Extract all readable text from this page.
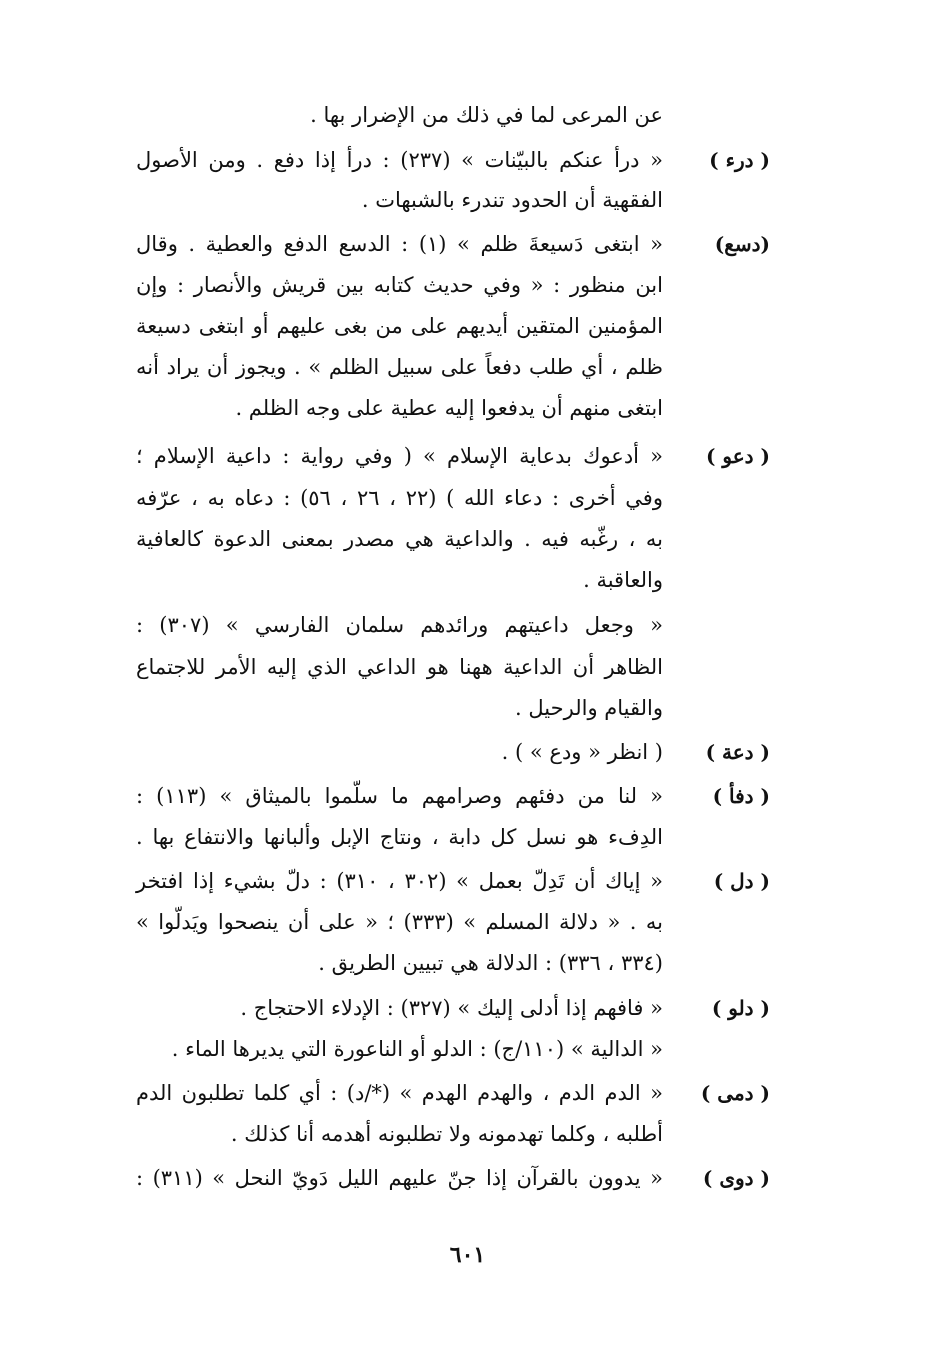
عن المرعى لما في ذلك من الإضرار بها .
( درء )
« درأ عنكم بالبيّنات » (٢٣٧) : درأ إذا دفع . ومن الأصول
الفقهية أن الحدود تندرء بالشبهات .
(دسع)
« ابتغى دَسيعةَ ظلم » (١) : الدسع الدفع والعطية . وقال
ابن منظور : « وفي حديث كتابه بين قريش والأنصار : وإن
المؤمنين المتقين أيديهم على من بغى عليهم أو ابتغى دسيعة
ظلم ، أي طلب دفعاً على سبيل الظلم » . ويجوز أن يراد أنه
ابتغى منهم أن يدفعوا إليه عطية على وجه الظلم .
( دعو )
« أدعوك بدعاية الإسلام » ( وفي رواية : داعية الإسلام ؛
وفي أخرى : دعاء الله ) (٢٢ ، ٢٦ ، ٥٦) : دعاه به ، عرّفه
به ، رغّبه فيه . والداعية هي مصدر بمعنى الدعوة كالعافية
والعاقبة .
« وجعل داعيتهم ورائدهم سلمان الفارسي » (٣٠٧) :
الظاهر أن الداعية ههنا هو الداعي الذي إليه الأمر للاجتماع
والقيام والرحيل .
( دعة )
( انظر « ودع » ) .
( دفأ )
« لنا من دفئهم وصرامهم ما سلّموا بالميثاق » (١١٣) :
الدِفء هو نسل كل دابة ، ونتاج الإبل وألبانها والانتفاع بها .
( دل )
« إياك أن تَدِلّ بعمل » (٣٠٢ ، ٣١٠) : دلّ بشيء إذا افتخر
به . « دلالة المسلم » (٣٣٣) ؛ « على أن ينصحوا ويَدلّوا »
(٣٣٤ ، ٣٣٦) : الدلالة هي تبيين الطريق .
( دلو )
« فافهم إذا أدلى إليك » (٣٢٧) : الإدلاء الاحتجاج .
« الدالية » (١١٠/ج) : الدلو أو الناعورة التي يديرها الماء .
( دمى )
« الدم الدم ، والهدم الهدم » (*/د) : أي كلما تطلبون الدم
أطلبه ، وكلما تهدمونه ولا تطلبونه أهدمه أنا كذلك .
( دوى )
« يدوون بالقرآن إذا جنّ عليهم الليل دَويّ النحل » (٣١١) :
٦٠١
